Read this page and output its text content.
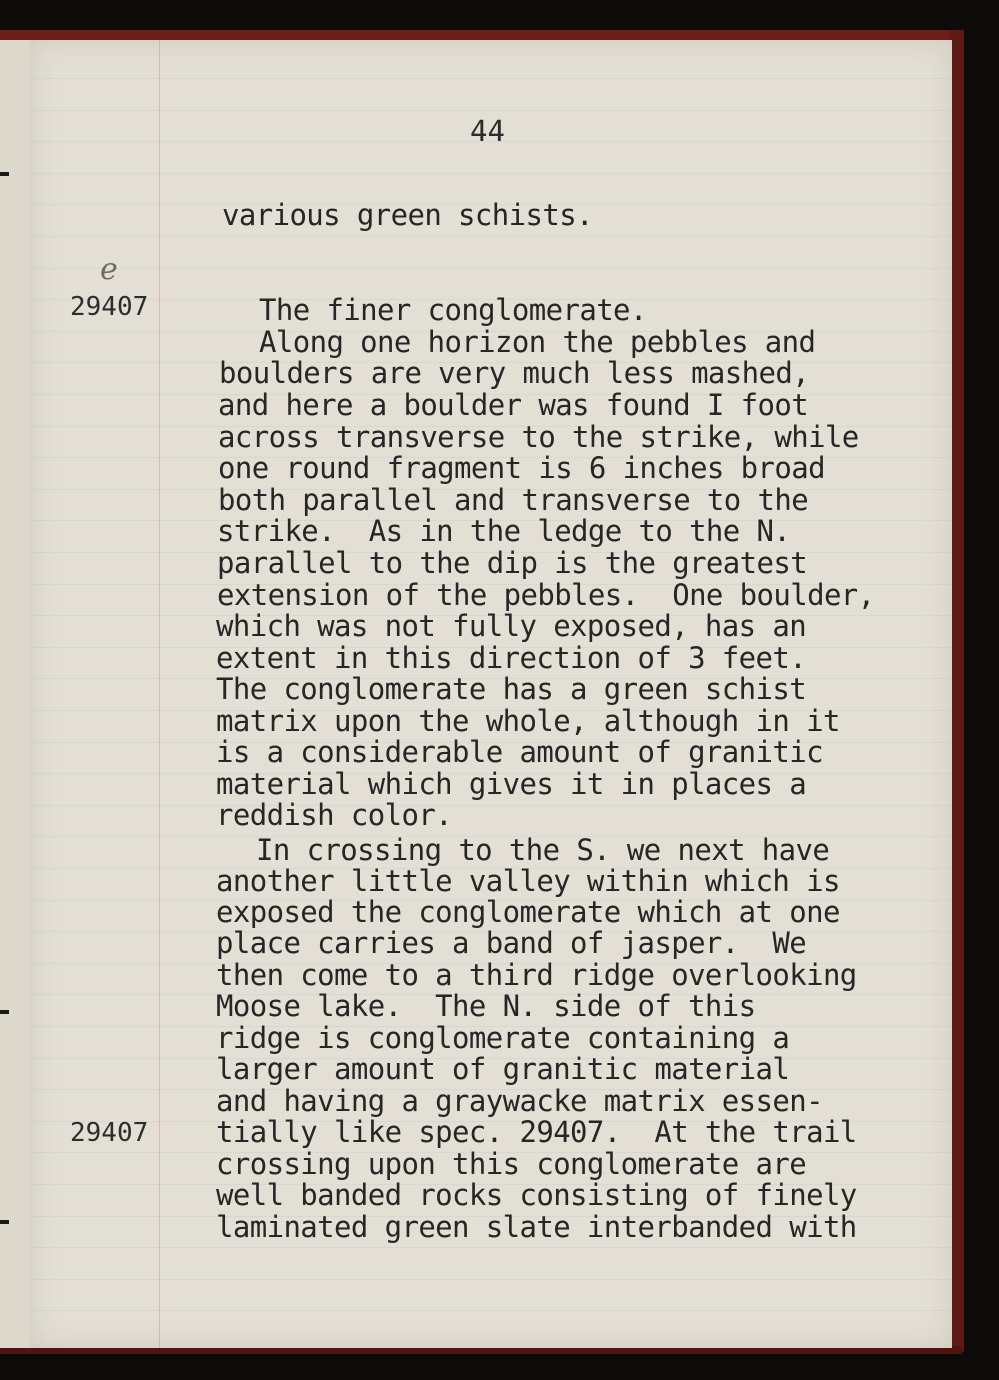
44
e
29407
29407
various green schists.
The finer conglomerate.
Along one horizon the pebbles and
boulders are very much less mashed,
and here a boulder was found I foot
across transverse to the strike, while
one round fragment is 6 inches broad
both parallel and transverse to the
strike.  As in the ledge to the N.
parallel to the dip is the greatest
extension of the pebbles.  One boulder,
which was not fully exposed, has an
extent in this direction of 3 feet.
The conglomerate has a green schist
matrix upon the whole, although in it
is a considerable amount of granitic
material which gives it in places a
reddish color.
In crossing to the S. we next have
another little valley within which is
exposed the conglomerate which at one
place carries a band of jasper.  We
then come to a third ridge overlooking
Moose lake.  The N. side of this
ridge is conglomerate containing a
larger amount of granitic material
and having a graywacke matrix essen-
tially like spec. 29407.  At the trail
crossing upon this conglomerate are
well banded rocks consisting of finely
laminated green slate interbanded with
